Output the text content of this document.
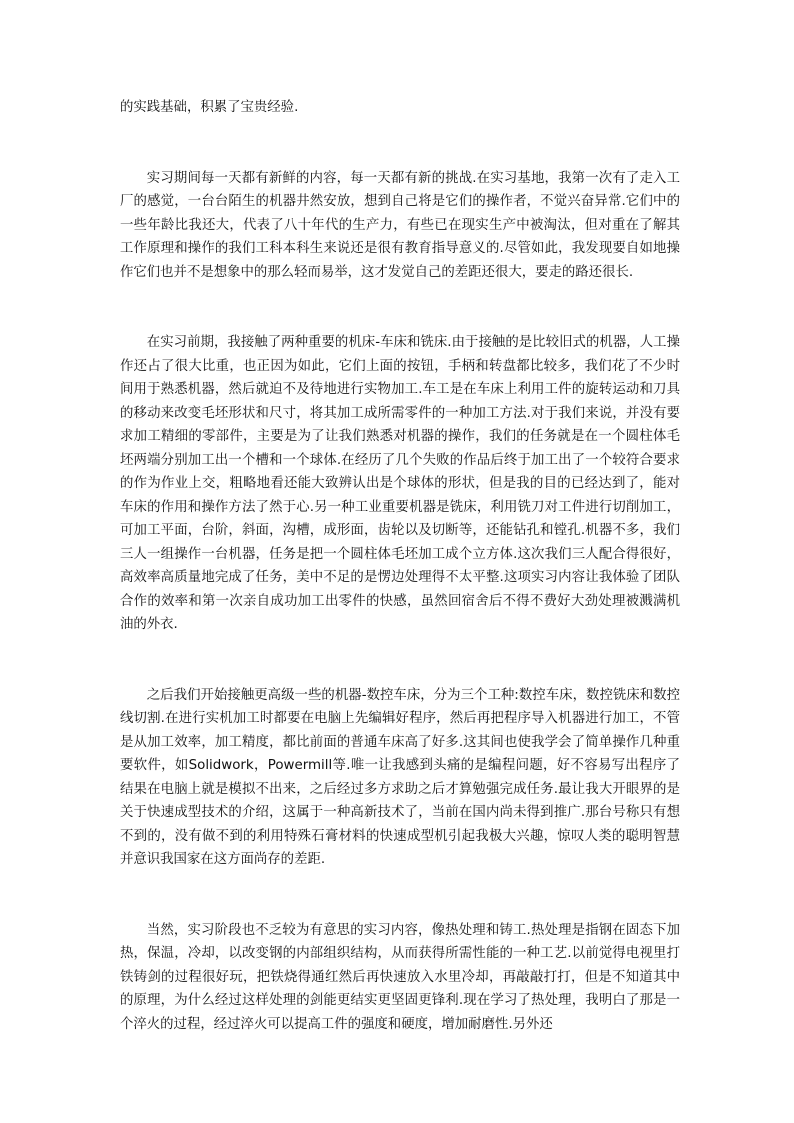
的实践基础，积累了宝贵经验.

实习期间每一天都有新鲜的内容，每一天都有新的挑战.在实习基地，我第一次有了走入工厂的感觉，一台台陌生的机器井然安放，想到自己将是它们的操作者，不觉兴奋异常.它们中的一些年龄比我还大，代表了八十年代的生产力，有些已在现实生产中被淘汰，但对重在了解其工作原理和操作的我们工科本科生来说还是很有教育指导意义的.尽管如此，我发现要自如地操作它们也并不是想象中的那么轻而易举，这才发觉自己的差距还很大，要走的路还很长.

在实习前期，我接触了两种重要的机床-车床和铣床.由于接触的是比较旧式的机器，人工操作还占了很大比重，也正因为如此，它们上面的按钮，手柄和转盘都比较多，我们花了不少时间用于熟悉机器，然后就迫不及待地进行实物加工.车工是在车床上利用工件的旋转运动和刀具的移动来改变毛坯形状和尺寸，将其加工成所需零件的一种加工方法.对于我们来说，并没有要求加工精细的零部件，主要是为了让我们熟悉对机器的操作，我们的任务就是在一个圆柱体毛坯两端分别加工出一个槽和一个球体.在经历了几个失败的作品后终于加工出了一个较符合要求的作为作业上交，粗略地看还能大致辨认出是个球体的形状，但是我的目的已经达到了，能对车床的作用和操作方法了然于心.另一种工业重要机器是铣床，利用铣刀对工件进行切削加工，可加工平面，台阶，斜面，沟槽，成形面，齿轮以及切断等，还能钻孔和镗孔.机器不多，我们三人一组操作一台机器，任务是把一个圆柱体毛坯加工成个立方体.这次我们三人配合得很好，高效率高质量地完成了任务，美中不足的是愣边处理得不太平整.这项实习内容让我体验了团队合作的效率和第一次亲自成功加工出零件的快感，虽然回宿舍后不得不费好大劲处理被溅满机油的外衣.

之后我们开始接触更高级一些的机器-数控车床，分为三个工种:数控车床，数控铣床和数控线切割.在进行实机加工时都要在电脑上先编辑好程序，然后再把程序导入机器进行加工，不管是从加工效率，加工精度，都比前面的普通车床高了好多.这其间也使我学会了简单操作几种重要软件，如Solidwork，Powermill等.唯一让我感到头痛的是编程问题，好不容易写出程序了结果在电脑上就是模拟不出来，之后经过多方求助之后才算勉强完成任务.最让我大开眼界的是关于快速成型技术的介绍，这属于一种高新技术了，当前在国内尚未得到推广.那台号称只有想不到的，没有做不到的利用特殊石膏材料的快速成型机引起我极大兴趣，惊叹人类的聪明智慧并意识我国家在这方面尚存的差距.

当然，实习阶段也不乏较为有意思的实习内容，像热处理和铸工.热处理是指钢在固态下加热，保温，冷却，以改变钢的内部组织结构，从而获得所需性能的一种工艺.以前觉得电视里打铁铸剑的过程很好玩，把铁烧得通红然后再快速放入水里冷却，再敲敲打打，但是不知道其中的原理，为什么经过这样处理的剑能更结实更坚固更锋利.现在学习了热处理，我明白了那是一个淬火的过程，经过淬火可以提高工件的强度和硬度，增加耐磨性.另外还
